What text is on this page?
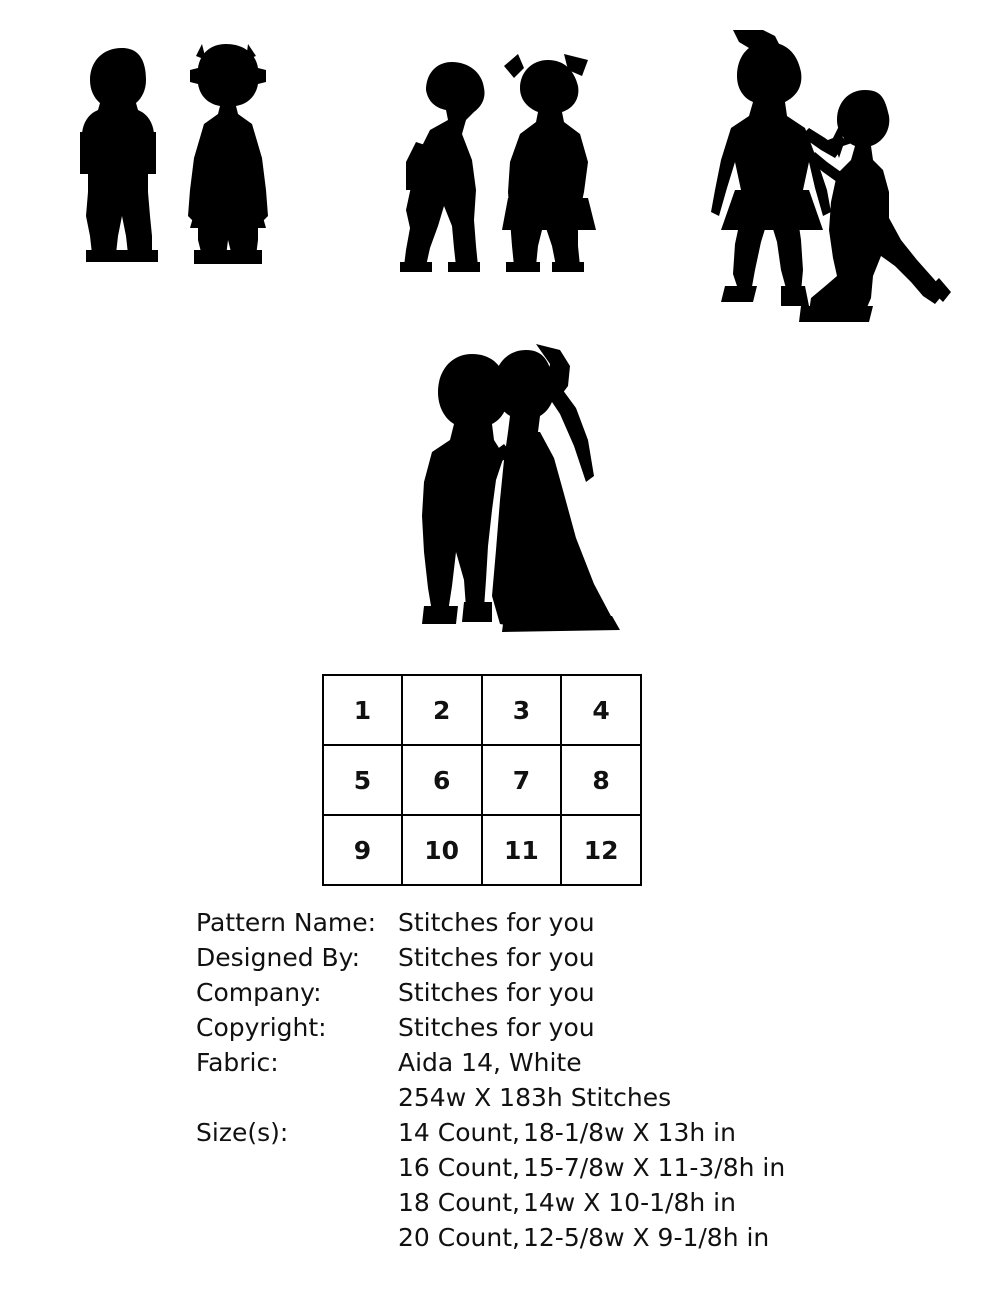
1	2	3	4
5	6	7	8
9	10	11	12
Pattern Name: Stitches for you
Designed By:	Stitches for you
Company:	Stitches for you
Copyright:	Stitches for you
Fabric:	Aida 14, White
254w X 183h Stitches
Size(s):	14 Count, 18-1/8w X 13h in
16 Count, 15-7/8w X 11-3/8h in
18 Count, 14w X 10-1/8h in
20 Count, 12-5/8w X 9-1/8h in
